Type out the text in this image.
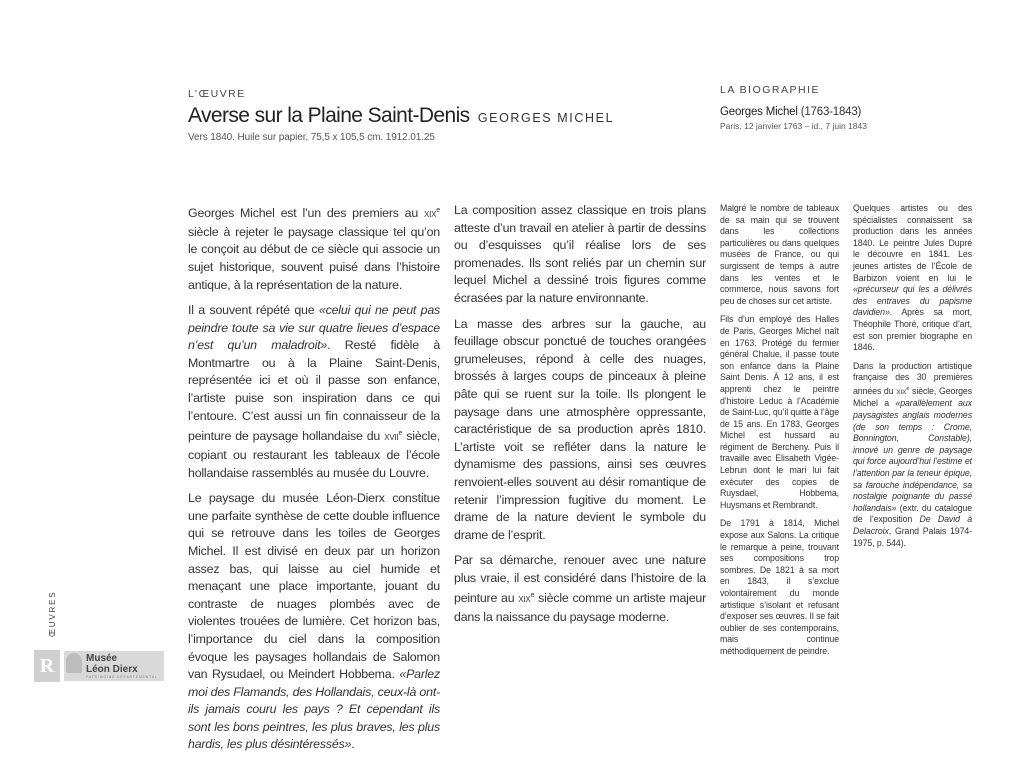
L’ŒUVRE
Averse sur la Plaine Saint-Denis GEORGES MICHEL
Vers 1840. Huile sur papier. 75,5 x 105,5 cm. 1912.01.25
LA BIOGRAPHIE
Georges Michel (1763-1843)
Paris, 12 janvier 1763 – id., 7 juin 1843

Georges Michel est l’un des premiers au XIXe siècle à rejeter le paysage classique tel qu’on le conçoit au début de ce siècle qui associe un sujet historique, souvent puisé dans l’histoire antique, à la représentation de la nature.

Il a souvent répété que «celui qui ne peut pas peindre toute sa vie sur quatre lieues d’espace n’est qu’un maladroit». Resté fidèle à Montmartre ou à la Plaine Saint-Denis, représentée ici et où il passe son enfance, l’artiste puise son inspiration dans ce qui l’entoure. C’est aussi un fin connaisseur de la peinture de paysage hollandaise du XVIIe siècle, copiant ou restaurant les tableaux de l’école hollandaise rassemblés au musée du Louvre.

Le paysage du musée Léon-Dierx constitue une parfaite synthèse de cette double influence qui se retrouve dans les toiles de Georges Michel. Il est divisé en deux par un horizon assez bas, qui laisse au ciel humide et menaçant une place importante, jouant du contraste de nuages plombés avec de violentes trouées de lumière. Cet horizon bas, l’importance du ciel dans la composition évoque les paysages hollandais de Salomon van Rysudael, ou Meindert Hobbema. «Parlez moi des Flamands, des Hollandais, ceux-là ont-ils jamais couru les pays ? Et cependant ils sont les bons peintres, les plus braves, les plus hardis, les plus désintéressés».

La composition assez classique en trois plans atteste d’un travail en atelier à partir de dessins ou d’esquisses qu’il réalise lors de ses promenades. Ils sont reliés par un chemin sur lequel Michel a dessiné trois figures comme écrasées par la nature environnante.

La masse des arbres sur la gauche, au feuillage obscur ponctué de touches orangées grumeleuses, répond à celle des nuages, brossés à larges coups de pinceaux à pleine pâte qui se ruent sur la toile. Ils plongent le paysage dans une atmosphère oppressante, caractéristique de sa production après 1810. L’artiste voit se refléter dans la nature le dynamisme des passions, ainsi ses œuvres renvoient-elles souvent au désir romantique de retenir l’impression fugitive du moment. Le drame de la nature devient le symbole du drame de l’esprit.

Par sa démarche, renouer avec une nature plus vraie, il est considéré dans l’histoire de la peinture au XIXe siècle comme un artiste majeur dans la naissance du paysage moderne.

Malgré le nombre de tableaux de sa main qui se trouvent dans les collections particulières ou dans quelques musées de France, ou qui surgissent de temps à autre dans les ventes et le commerce, nous savons fort peu de choses sur cet artiste.

Fils d’un employé des Halles de Paris, Georges Michel naît en 1763. Protégé du fermier général Chalue, il passe toute son enfance dans la Plaine Saint Denis. À 12 ans, il est apprenti chez le peintre d’histoire Leduc à l’Académie de Saint-Luc, qu’il quitte à l’âge de 15 ans. En 1783, Georges Michel est hussard au régiment de Bercheny. Puis il travaille avec Elisabeth Vigée-Lebrun dont le mari lui fait exécuter des copies de Ruysdael, Hobbema, Huysmans et Rembrandt.

De 1791 à 1814, Michel expose aux Salons. La critique le remarque à peine, trouvant ses compositions trop sombres. De 1821 à sa mort en 1843, il s’exclue volontairement du monde artistique s’isolant et refusant d’exposer ses œuvres. Il se fait oublier de ses contemporains, mais continue méthodiquement de peindre.

Quelques artistes ou des spécialistes connaissent sa production dans les années 1840. Le peintre Jules Dupré le découvre en 1841. Les jeunes artistes de l’École de Barbizon voient en lui le «précurseur qui les a délivrés des entraves du papisme davidien». Après sa mort, Théophile Thoré, critique d’art, est son premier biographe en 1846.

Dans la production artistique française des 30 premières années du XIXe siècle, Georges Michel a «parallèlement aux paysagistes anglais modernes (de son temps : Crome, Bonnington, Constable), innové un genre de paysage qui force aujourd’hui l’estime et l’attention par la teneur épique, sa farouche indépendance, sa nostalgie poignante du passé hollandais» (extr. du catalogue de l’exposition De David à Delacroix, Grand Palais 1974-1975, p. 544).

ŒUVRES
R	Musée
Léon Dierx
PATRIMOINE DÉPARTEMENTAL
